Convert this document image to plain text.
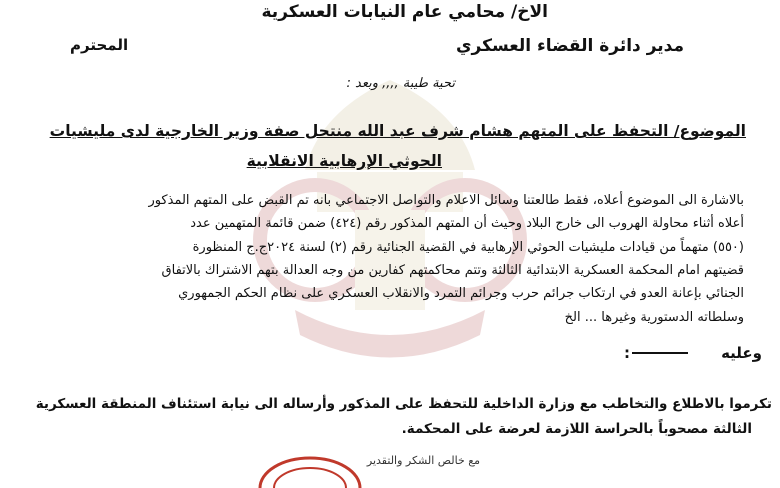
الاخ/ محامي عام النيابات العسكرية
مدير دائرة القضاء العسكري
المحترم
تحية طيبة ,,,, وبعد :
الموضوع/ التحفظ على المتهم هشام شرف عبد الله منتحل صفة وزير الخارجية لدى مليشيات
الحوثي الإرهابية الانقلابية
بالاشارة الى الموضوع أعلاه، فقط طالعتنا وسائل الاعلام والتواصل الاجتماعي بانه تم القبض على المتهم المذكور
أعلاه أثناء محاولة الهروب الى خارج البلاد وحيث أن المتهم المذكور رقم (٤٢٤) ضمن قائمة المتهمين عدد
(٥٥٠) متهماً من قيادات مليشيات الحوثي الإرهابية في القضية الجنائية رقم (٢) لسنة ٢٠٢٤ج.ج المنظورة
قضيتهم امام المحكمة العسكرية الابتدائية الثالثة وتتم محاكمتهم كفارين من وجه العدالة بتهم الاشتراك بالاتفاق
الجنائي بإعانة العدو في ارتكاب جرائم حرب وجرائم التمرد والانقلاب العسكري على نظام الحكم الجمهوري
وسلطاته الدستورية وغيرها ... الخ
وعليه
:
تكرموا بالاطلاع والتخاطب مع وزارة الداخلية للتحفظ على المذكور وأرساله الى نيابة استئناف المنطقة العسكرية
الثالثة مصحوباً بالحراسة اللازمة لعرضة على المحكمة.
مع خالص الشكر والتقدير
